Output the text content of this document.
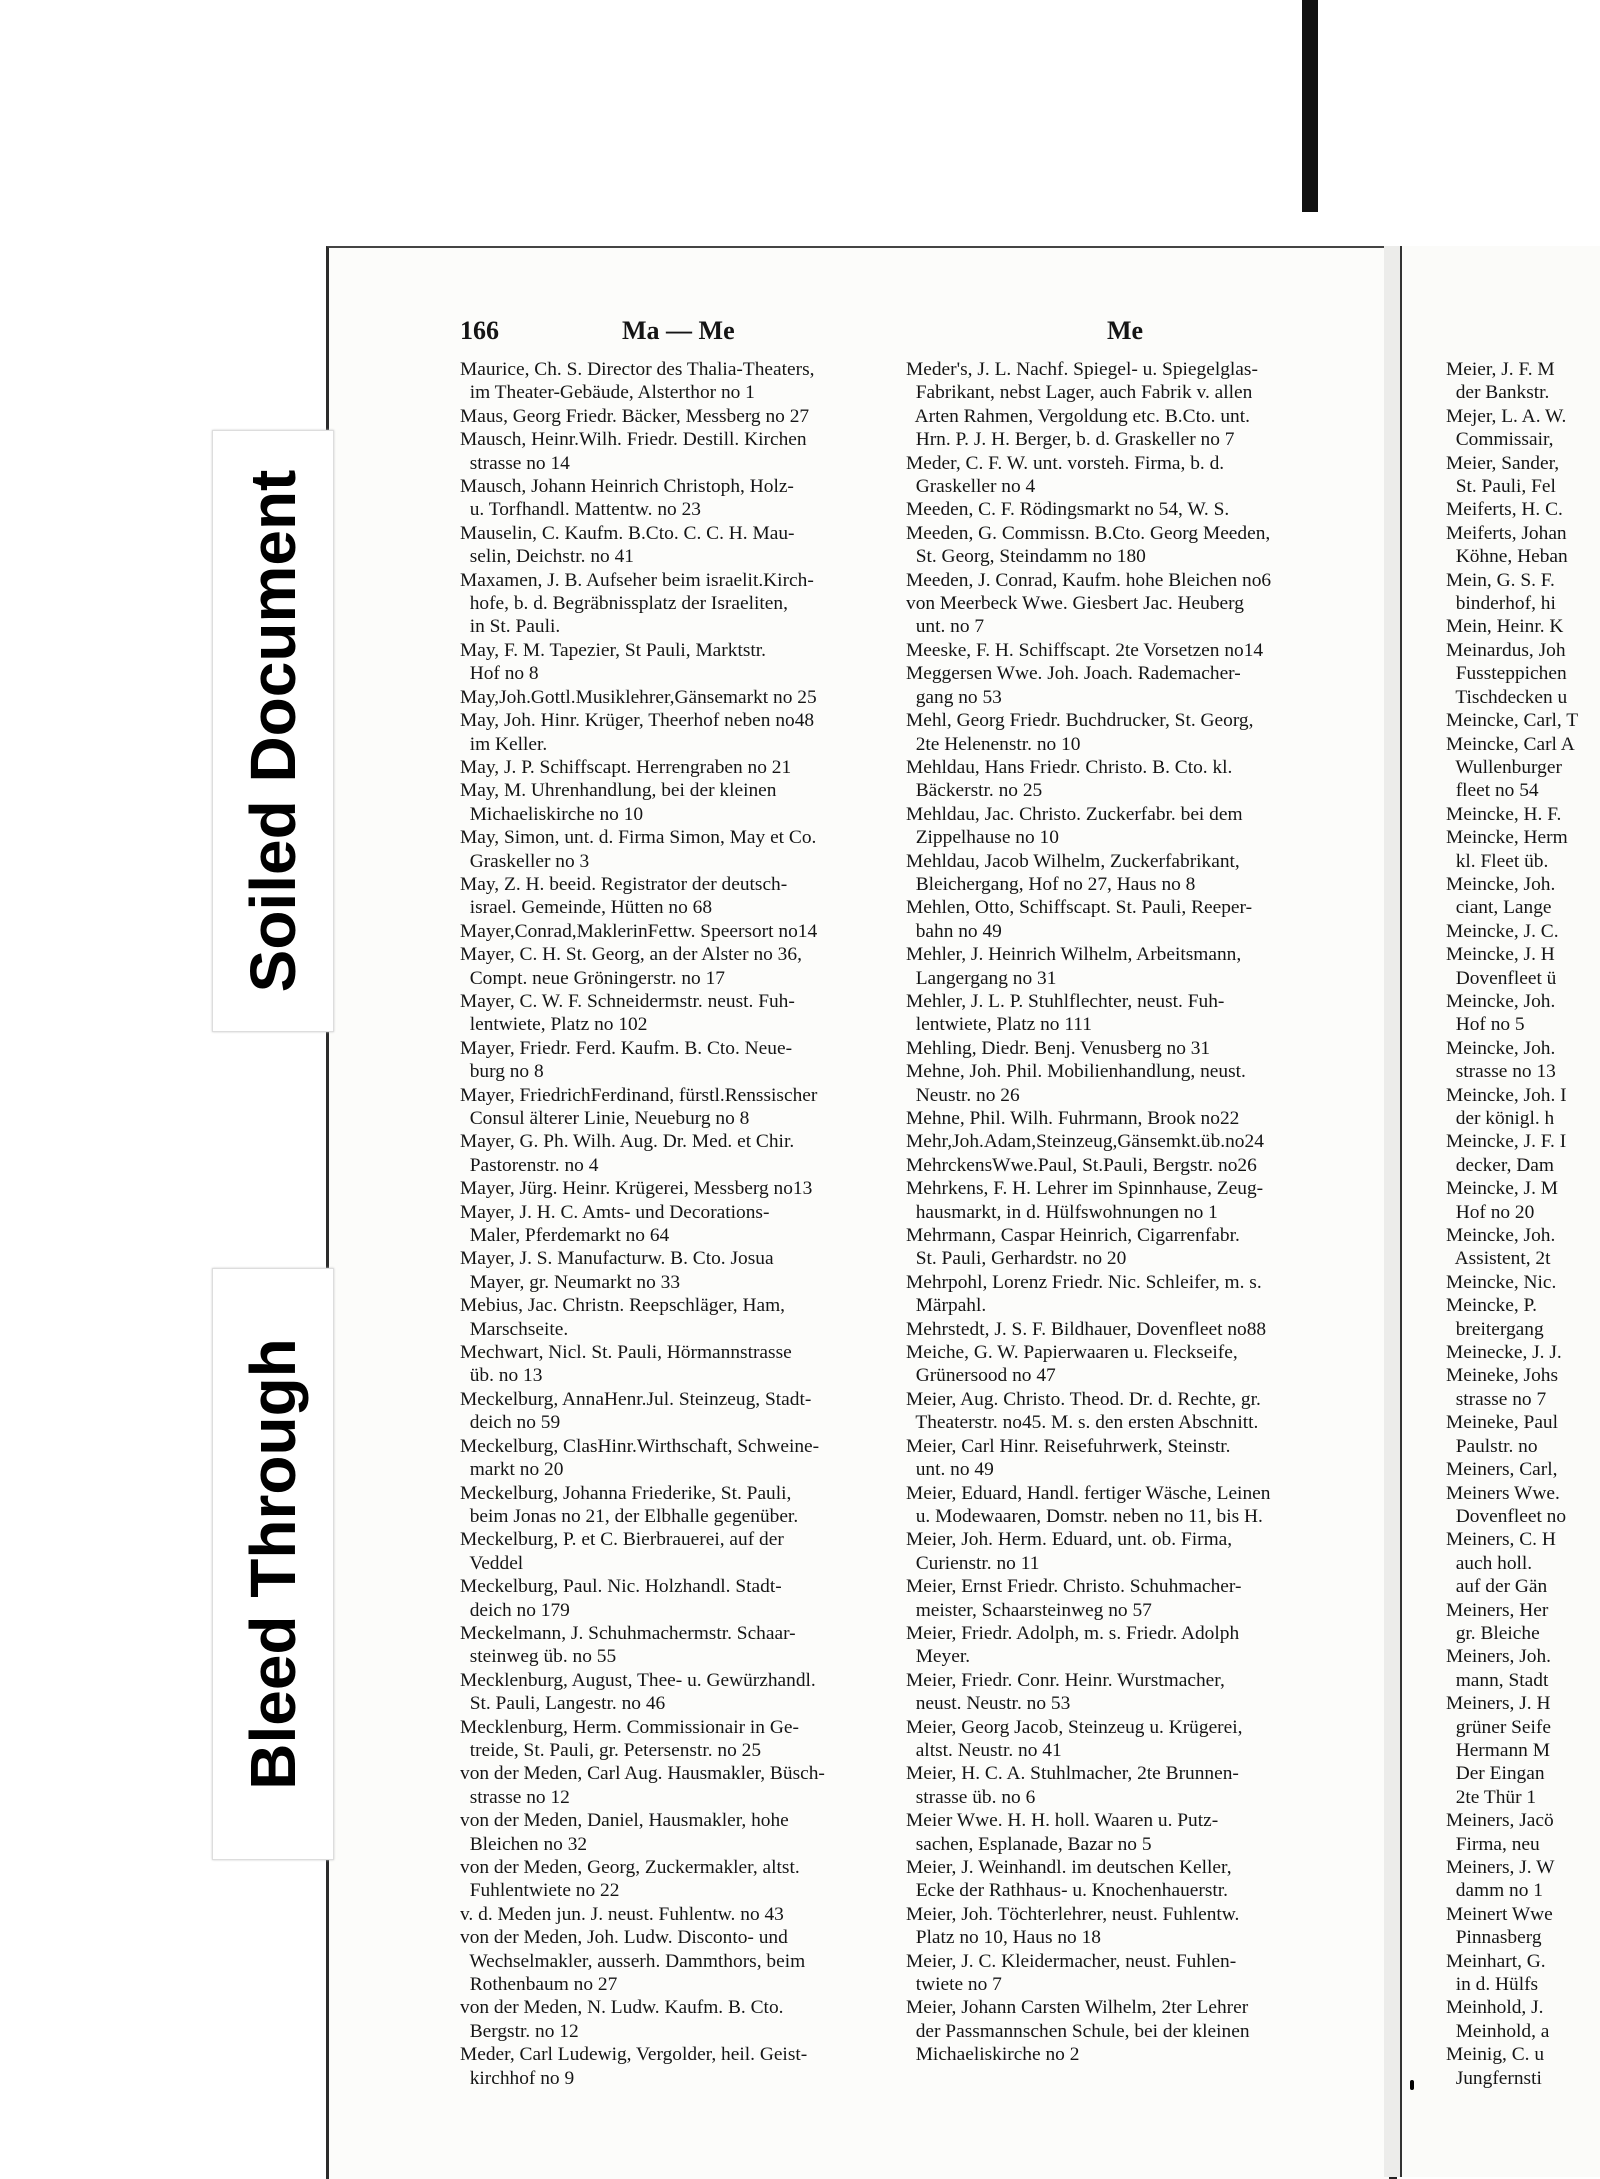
166	Ma — Me	Me
Maurice, Ch. S. Director des Thalia-Theaters,
im Theater-Gebäude, Alsterthor no 1
Maus, Georg Friedr. Bäcker, Messberg no 27
Mausch, Heinr.Wilh. Friedr. Destill. Kirchen
strasse no 14
Mausch, Johann Heinrich Christoph, Holz-
u. Torfhandl. Mattentw. no 23
Mauselin, C. Kaufm. B.Cto. C. C. H. Mau-
selin, Deichstr. no 41
Maxamen, J. B. Aufseher beim israelit.Kirch-
hofe, b. d. Begräbnissplatz der Israeliten,
in St. Pauli.
May, F. M. Tapezier, St Pauli, Marktstr.
Hof no 8
May,Joh.Gottl.Musiklehrer,Gänsemarkt no 25
May, Joh. Hinr. Krüger, Theerhof neben no48
im Keller.
May, J. P. Schiffscapt. Herrengraben no 21
May, M. Uhrenhandlung, bei der kleinen
Michaeliskirche no 10
May, Simon, unt. d. Firma Simon, May et Co.
Graskeller no 3
May, Z. H. beeid. Registrator der deutsch-
israel. Gemeinde, Hütten no 68
Mayer,Conrad,MaklerinFettw. Speersort no14
Mayer, C. H. St. Georg, an der Alster no 36,
Compt. neue Gröningerstr. no 17
Mayer, C. W. F. Schneidermstr. neust. Fuh-
lentwiete, Platz no 102
Mayer, Friedr. Ferd. Kaufm. B. Cto. Neue-
burg no 8
Mayer, FriedrichFerdinand, fürstl.Renssischer
Consul älterer Linie, Neueburg no 8
Mayer, G. Ph. Wilh. Aug. Dr. Med. et Chir.
Pastorenstr. no 4
Mayer, Jürg. Heinr. Krügerei, Messberg no13
Mayer, J. H. C. Amts- und Decorations-
Maler, Pferdemarkt no 64
Mayer, J. S. Manufacturw. B. Cto. Josua
Mayer, gr. Neumarkt no 33
Mebius, Jac. Christn. Reepschläger, Ham,
Marschseite.
Mechwart, Nicl. St. Pauli, Hörmannstrasse
üb. no 13
Meckelburg, AnnaHenr.Jul. Steinzeug, Stadt-
deich no 59
Meckelburg, ClasHinr.Wirthschaft, Schweine-
markt no 20
Meckelburg, Johanna Friederike, St. Pauli,
beim Jonas no 21, der Elbhalle gegenüber.
Meckelburg, P. et C. Bierbrauerei, auf der
Veddel
Meckelburg, Paul. Nic. Holzhandl. Stadt-
deich no 179
Meckelmann, J. Schuhmachermstr. Schaar-
steinweg üb. no 55
Mecklenburg, August, Thee- u. Gewürzhandl.
St. Pauli, Langestr. no 46
Mecklenburg, Herm. Commissionair in Ge-
treide, St. Pauli, gr. Petersenstr. no 25
von der Meden, Carl Aug. Hausmakler, Büsch-
strasse no 12
von der Meden, Daniel, Hausmakler, hohe
Bleichen no 32
von der Meden, Georg, Zuckermakler, altst.
Fuhlentwiete no 22
v. d. Meden jun. J. neust. Fuhlentw. no 43
von der Meden, Joh. Ludw. Disconto- und
Wechselmakler, ausserh. Dammthors, beim
Rothenbaum no 27
von der Meden, N. Ludw. Kaufm. B. Cto.
Bergstr. no 12
Meder, Carl Ludewig, Vergolder, heil. Geist-
kirchhof no 9
Meder's, J. L. Nachf. Spiegel- u. Spiegelglas-
Fabrikant, nebst Lager, auch Fabrik v. allen
Arten Rahmen, Vergoldung etc. B.Cto. unt.
Hrn. P. J. H. Berger, b. d. Graskeller no 7
Meder, C. F. W. unt. vorsteh. Firma, b. d.
Graskeller no 4
Meeden, C. F. Rödingsmarkt no 54, W. S.
Meeden, G. Commissn. B.Cto. Georg Meeden,
St. Georg, Steindamm no 180
Meeden, J. Conrad, Kaufm. hohe Bleichen no6
von Meerbeck Wwe. Giesbert Jac. Heuberg
unt. no 7
Meeske, F. H. Schiffscapt. 2te Vorsetzen no14
Meggersen Wwe. Joh. Joach. Rademacher-
gang no 53
Mehl, Georg Friedr. Buchdrucker, St. Georg,
2te Helenenstr. no 10
Mehldau, Hans Friedr. Christo. B. Cto. kl.
Bäckerstr. no 25
Mehldau, Jac. Christo. Zuckerfabr. bei dem
Zippelhause no 10
Mehldau, Jacob Wilhelm, Zuckerfabrikant,
Bleichergang, Hof no 27, Haus no 8
Mehlen, Otto, Schiffscapt. St. Pauli, Reeper-
bahn no 49
Mehler, J. Heinrich Wilhelm, Arbeitsmann,
Langergang no 31
Mehler, J. L. P. Stuhlflechter, neust. Fuh-
lentwiete, Platz no 111
Mehling, Diedr. Benj. Venusberg no 31
Mehne, Joh. Phil. Mobilienhandlung, neust.
Neustr. no 26
Mehne, Phil. Wilh. Fuhrmann, Brook no22
Mehr,Joh.Adam,Steinzeug,Gänsemkt.üb.no24
MehrckensWwe.Paul, St.Pauli, Bergstr. no26
Mehrkens, F. H. Lehrer im Spinnhause, Zeug-
hausmarkt, in d. Hülfswohnungen no 1
Mehrmann, Caspar Heinrich, Cigarrenfabr.
St. Pauli, Gerhardstr. no 20
Mehrpohl, Lorenz Friedr. Nic. Schleifer, m. s.
Märpahl.
Mehrstedt, J. S. F. Bildhauer, Dovenfleet no88
Meiche, G. W. Papierwaaren u. Fleckseife,
Grünersood no 47
Meier, Aug. Christo. Theod. Dr. d. Rechte, gr.
Theaterstr. no45. M. s. den ersten Abschnitt.
Meier, Carl Hinr. Reisefuhrwerk, Steinstr.
unt. no 49
Meier, Eduard, Handl. fertiger Wäsche, Leinen
u. Modewaaren, Domstr. neben no 11, bis H.
Meier, Joh. Herm. Eduard, unt. ob. Firma,
Curienstr. no 11
Meier, Ernst Friedr. Christo. Schuhmacher-
meister, Schaarsteinweg no 57
Meier, Friedr. Adolph, m. s. Friedr. Adolph
Meyer.
Meier, Friedr. Conr. Heinr. Wurstmacher,
neust. Neustr. no 53
Meier, Georg Jacob, Steinzeug u. Krügerei,
altst. Neustr. no 41
Meier, H. C. A. Stuhlmacher, 2te Brunnen-
strasse üb. no 6
Meier Wwe. H. H. holl. Waaren u. Putz-
sachen, Esplanade, Bazar no 5
Meier, J. Weinhandl. im deutschen Keller,
Ecke der Rathhaus- u. Knochenhauerstr.
Meier, Joh. Töchterlehrer, neust. Fuhlentw.
Platz no 10, Haus no 18
Meier, J. C. Kleidermacher, neust. Fuhlen-
twiete no 7
Meier, Johann Carsten Wilhelm, 2ter Lehrer
der Passmannschen Schule, bei der kleinen
Michaeliskirche no 2
Meier, J. F. M
der Bankstr.
Mejer, L. A. W.
Commissair,
Meier, Sander,
St. Pauli, Fel
Meiferts, H. C.
Meiferts, Johan
Köhne, Heban
Mein, G. S. F.
binderhof, hi
Mein, Heinr. K
Meinardus, Joh
Fussteppichen
Tischdecken u
Meincke, Carl, T
Meincke, Carl A
Wullenburger
fleet no 54
Meincke, H. F.
Meincke, Herm
kl. Fleet üb.
Meincke, Joh.
ciant, Lange
Meincke, J. C.
Meincke, J. H
Dovenfleet ü
Meincke, Joh.
Hof no 5
Meincke, Joh.
strasse no 13
Meincke, Joh. I
der königl. h
Meincke, J. F. I
decker, Dam
Meincke, J. M
Hof no 20
Meincke, Joh.
Assistent, 2t
Meincke, Nic.
Meincke, P.
breitergang
Meinecke, J. J.
Meineke, Johs
strasse no 7
Meineke, Paul
Paulstr. no
Meiners, Carl,
Meiners Wwe.
Dovenfleet no
Meiners, C. H
auch holl.
auf der Gän
Meiners, Her
gr. Bleiche
Meiners, Joh.
mann, Stadt
Meiners, J. H
grüner Seife
Hermann M
Der Eingan
2te Thür 1
Meiners, Jacö
Firma, neu
Meiners, J. W
damm no 1
Meinert Wwe
Pinnasberg
Meinhart, G.
in d. Hülfs
Meinhold, J.
Meinhold, a
Meinig, C. u
Jungfernsti
Soiled Document
Bleed Through
